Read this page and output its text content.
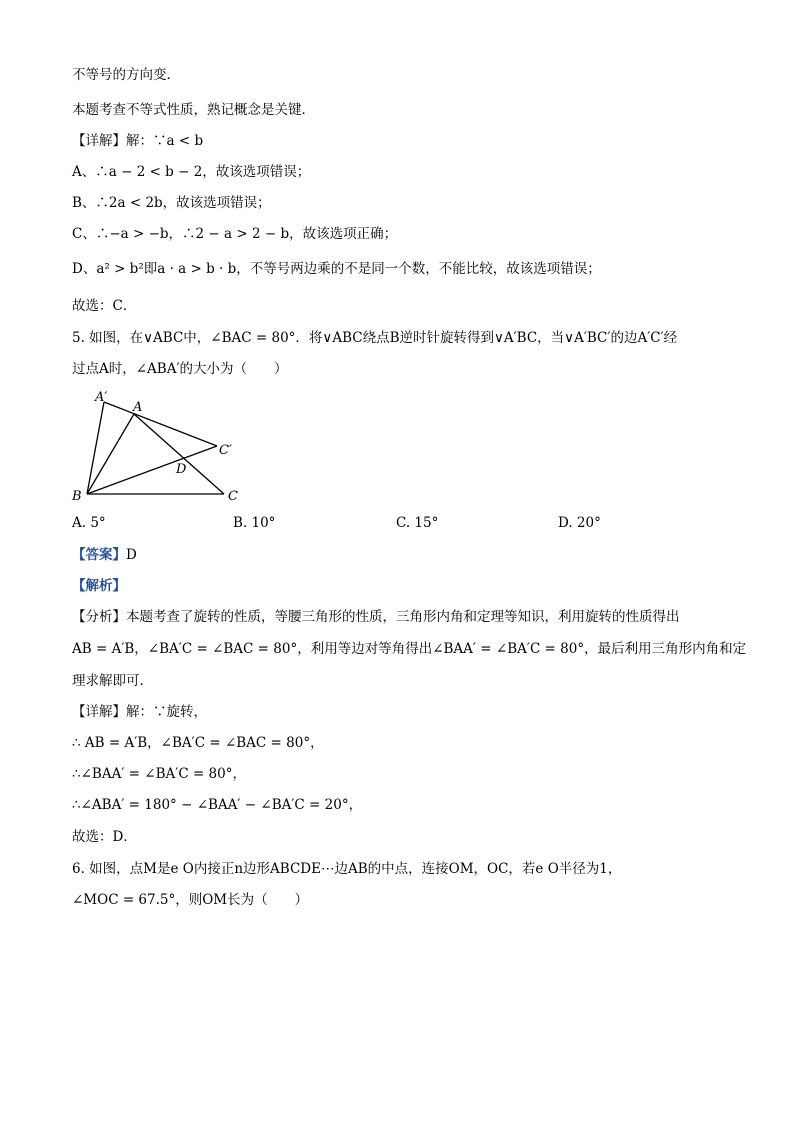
不等号的方向变．
本题考查不等式性质，熟记概念是关键．
【详解】解：∵a < b
A、∴a − 2 < b − 2，故该选项错误；
B、∴2a < 2b，故该选项错误；
C、∴−a > −b，∴2 − a > 2 − b，故该选项正确；
D、a² > b²即a · a > b · b，不等号两边乘的不是同一个数，不能比较，故该选项错误；
故选：C．
5. 如图，在∨ABC中，∠BAC = 80°．将∨ABC绕点B逆时针旋转得到∨A′BC，当∨A′BC′的边A′C′经
过点A时，∠ABA′的大小为（　　）
A′
A
C′
D
B	C
A. 5°	B. 10°	C. 15°	D. 20°
【答案】D
【解析】
【分析】本题考查了旋转的性质，等腰三角形的性质，三角形内角和定理等知识，利用旋转的性质得出
AB = A′B，∠BA′C = ∠BAC = 80°，利用等边对等角得出∠BAA′ = ∠BA′C = 80°，最后利用三角形内角和定
理求解即可．
【详解】解：∵旋转，
∴ AB = A′B，∠BA′C = ∠BAC = 80°，
∴∠BAA′ = ∠BA′C = 80°，
∴∠ABA′ = 180° − ∠BAA′ − ∠BA′C = 20°，
故选：D．
6. 如图，点M是e O内接正n边形ABCDE⋯边AB的中点，连接OM，OC，若e O半径为1，
∠MOC = 67.5°，则OM长为（　　）
